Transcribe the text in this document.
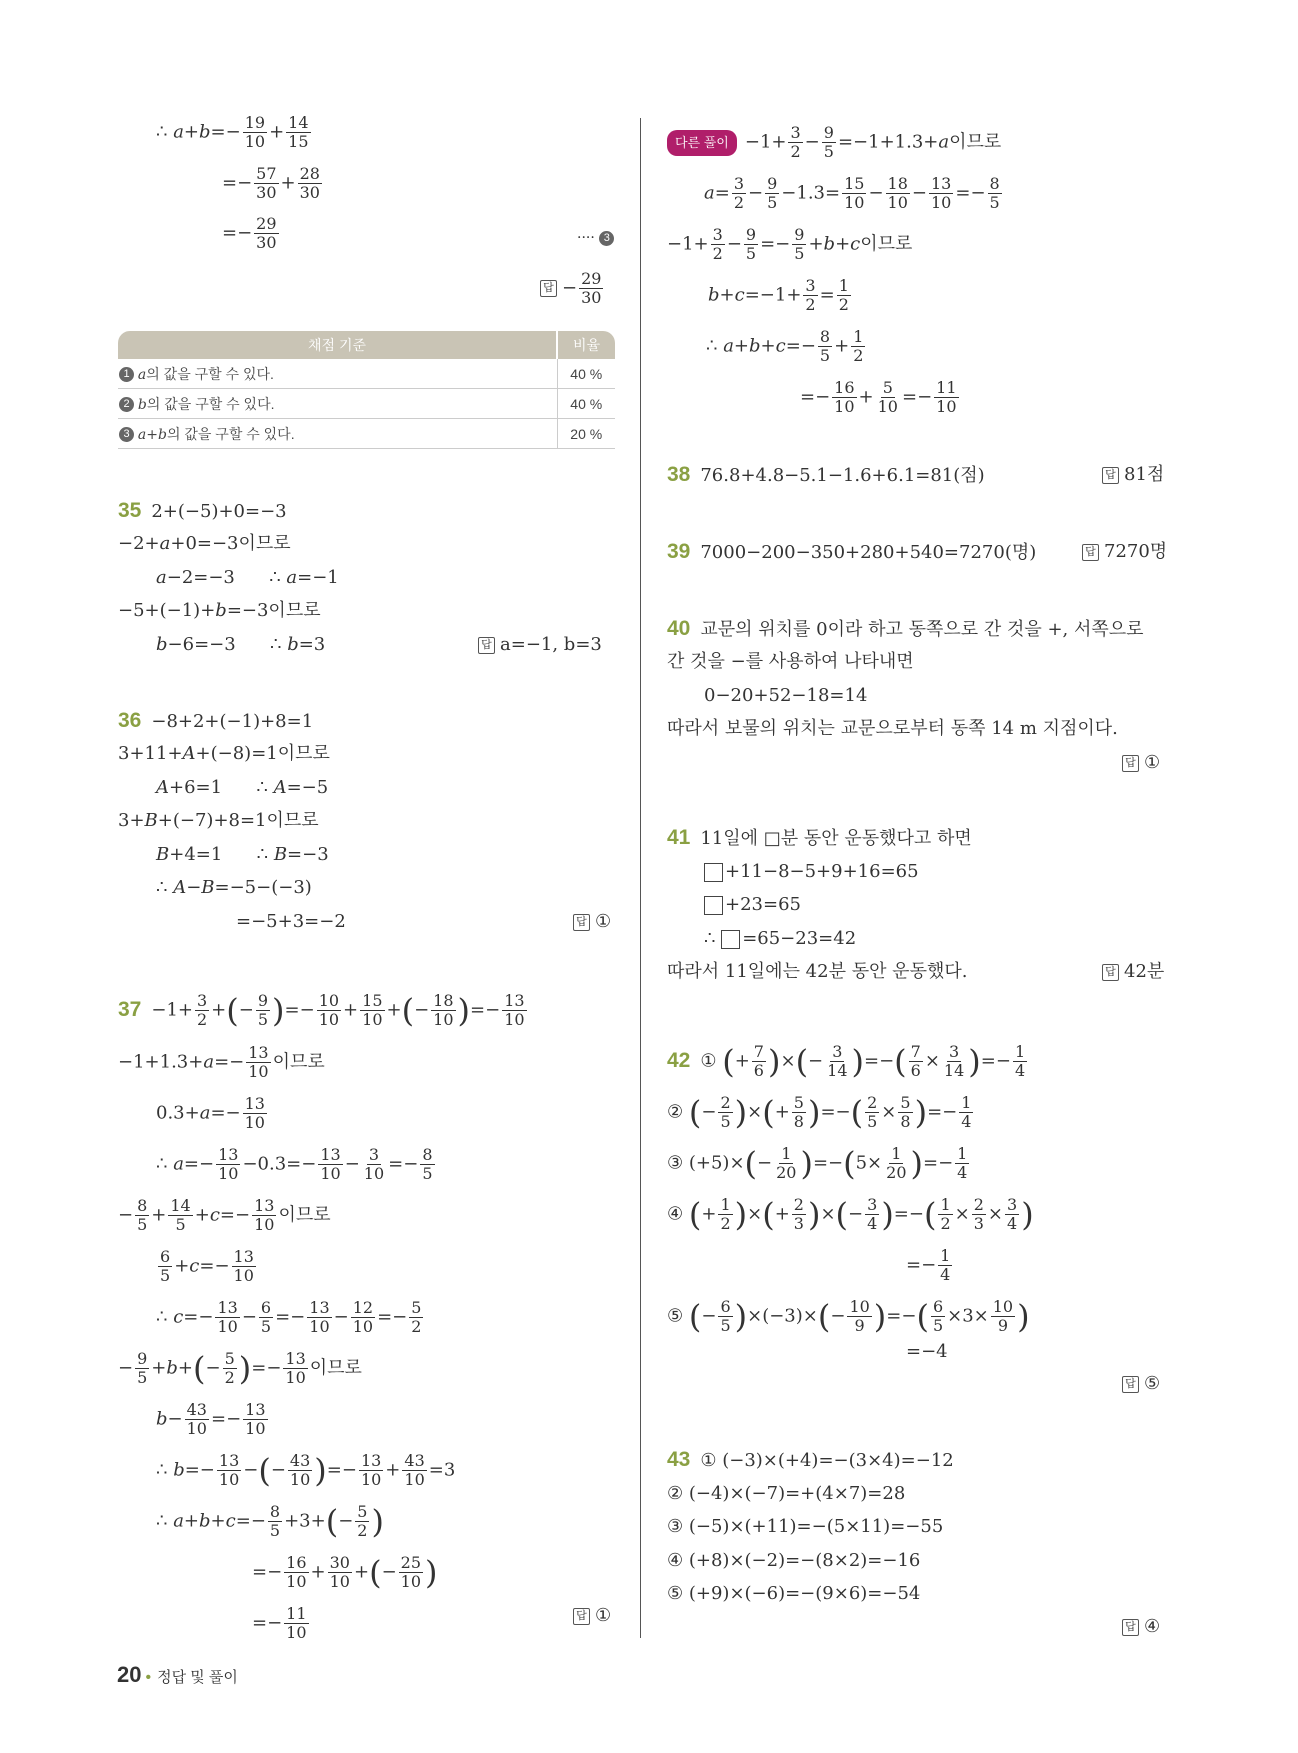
∴ $a+b=- \frac{19}{10} + \frac{14}{15}$
=− $\frac{57}{30} + \frac{28}{30}$
=− $\frac{29}{30}$	···· 3
답 − $\frac{29}{30}$
채점 기준	비율
1 a의 값을 구할 수 있다.	40 %
2 b의 값을 구할 수 있다.	40 %
3 a+b의 값을 구할 수 있다.	20 %
35 2+(−5)+0=−3
−2+a+0=−3이므로
a−2=−3      ∴ a=−1
−5+(−1)+b=−3이므로
b−6=−3      ∴ b=3	답 a=−1, b=3
36 −8+2+(−1)+8=1
3+11+A+(−8)=1이므로
A+6=1      ∴ A=−5
3+B+(−7)+8=1이므로
B+4=1      ∴ B=−3
∴ A−B=−5−(−3)
=−5+3=−2	답 ①
$37 -1+ \frac{3}{2}$ +(− $\frac{9}{5}$ )=− $\frac{10}{10} + \frac{15}{10}$ +(− $\frac{18}{10}$ )=− $\frac{13}{10}$
$-1+1.3+a=- \frac{13}{10}$ 이므로
$0.3+a=- \frac{13}{10}$
∴ $a=- \frac{13}{10} -0.3=- \frac{13}{10} - \frac{3}{10} =- \frac{8}{5}$
− $\frac{8}{5} + \frac{14}{5} +c=- \frac{13}{10}$ 이므로
$\frac{6}{5} +c=- \frac{13}{10}$
∴ $c=- \frac{13}{10} - \frac{6}{5} =- \frac{13}{10} - \frac{12}{10} =- \frac{5}{2}$
− $\frac{9}{5} +b+(- \frac{5}{2}$ )=− $\frac{13}{10}$ 이므로
$b- \frac{43}{10} =- \frac{13}{10}$
∴ $b=- \frac{13}{10}$ −(− $\frac{43}{10}$ )=− $\frac{13}{10} + \frac{43}{10} =3$
∴ $a+b+c=- \frac{8}{5} +3+(- \frac{5}{2}$ )
=− $\frac{16}{10} + \frac{30}{10}$ +(− $\frac{25}{10}$ )
=− $\frac{11}{10}$	답 ①
다른 풀이 $-1+ \frac{3}{2} - \frac{9}{5} =-1+1.3+a$이므로
$a= \frac{3}{2} - \frac{9}{5} -1.3= \frac{15}{10} - \frac{18}{10} - \frac{13}{10} =- \frac{8}{5}$
$-1+ \frac{3}{2} - \frac{9}{5} =- \frac{9}{5} +b+c$이므로
$b+c=-1+ \frac{3}{2} = \frac{1}{2}$
∴ $a+b+c=- \frac{8}{5} + \frac{1}{2}$
=− $\frac{16}{10} + \frac{5}{10} =- \frac{11}{10}$
38 76.8+4.8−5.1−1.6+6.1=81(점)	답 81점
39 7000−200−350+280+540=7270(명)	답 7270명
40 교문의 위치를 0이라 하고 동쪽으로 간 것을 +, 서쪽으로
간 것을 −를 사용하여 나타내면
0−20+52−18=14
따라서 보물의 위치는 교문으로부터 동쪽 14 m 지점이다.
답 ①
41 11일에 □분 동안 운동했다고 하면
+11−8−5+9+16=65
+23=65
∴ =65−23=42
따라서 11일에는 42분 동안 운동했다.	답 42분
42 ① (+ $\frac{7}{6}$ )×(− $\frac{3}{14}$ )=−( $\frac{7}{6} \times \frac{3}{14}$ )=− $\frac{1}{4}$
② (− $\frac{2}{5}$ )×(+ $\frac{5}{8}$ )=−( $\frac{2}{5} \times \frac{5}{8}$ )=− $\frac{1}{4}$
③ $(+5)\times(- \frac{1}{20} )=-(5\times \frac{1}{20}$ )=− $\frac{1}{4}$
④ (+ $\frac{1}{2}$ )×(+ $\frac{2}{3}$ )×(− $\frac{3}{4}$ )=−( $\frac{1}{2} \times \frac{2}{3} \times \frac{3}{4}$ )
=− $\frac{1}{4}$
⑤ (− $\frac{6}{5} )\times(-3)\times(- \frac{10}{9}$ )=−( $\frac{6}{5} \times 3\times \frac{10}{9}$ )
=−4
답 ⑤
43 ① (−3)×(+4)=−(3×4)=−12
② (−4)×(−7)=+(4×7)=28
③ (−5)×(+11)=−(5×11)=−55
④ (+8)×(−2)=−(8×2)=−16
⑤ (+9)×(−6)=−(9×6)=−54
답 ④
20 • 정답 및 풀이
